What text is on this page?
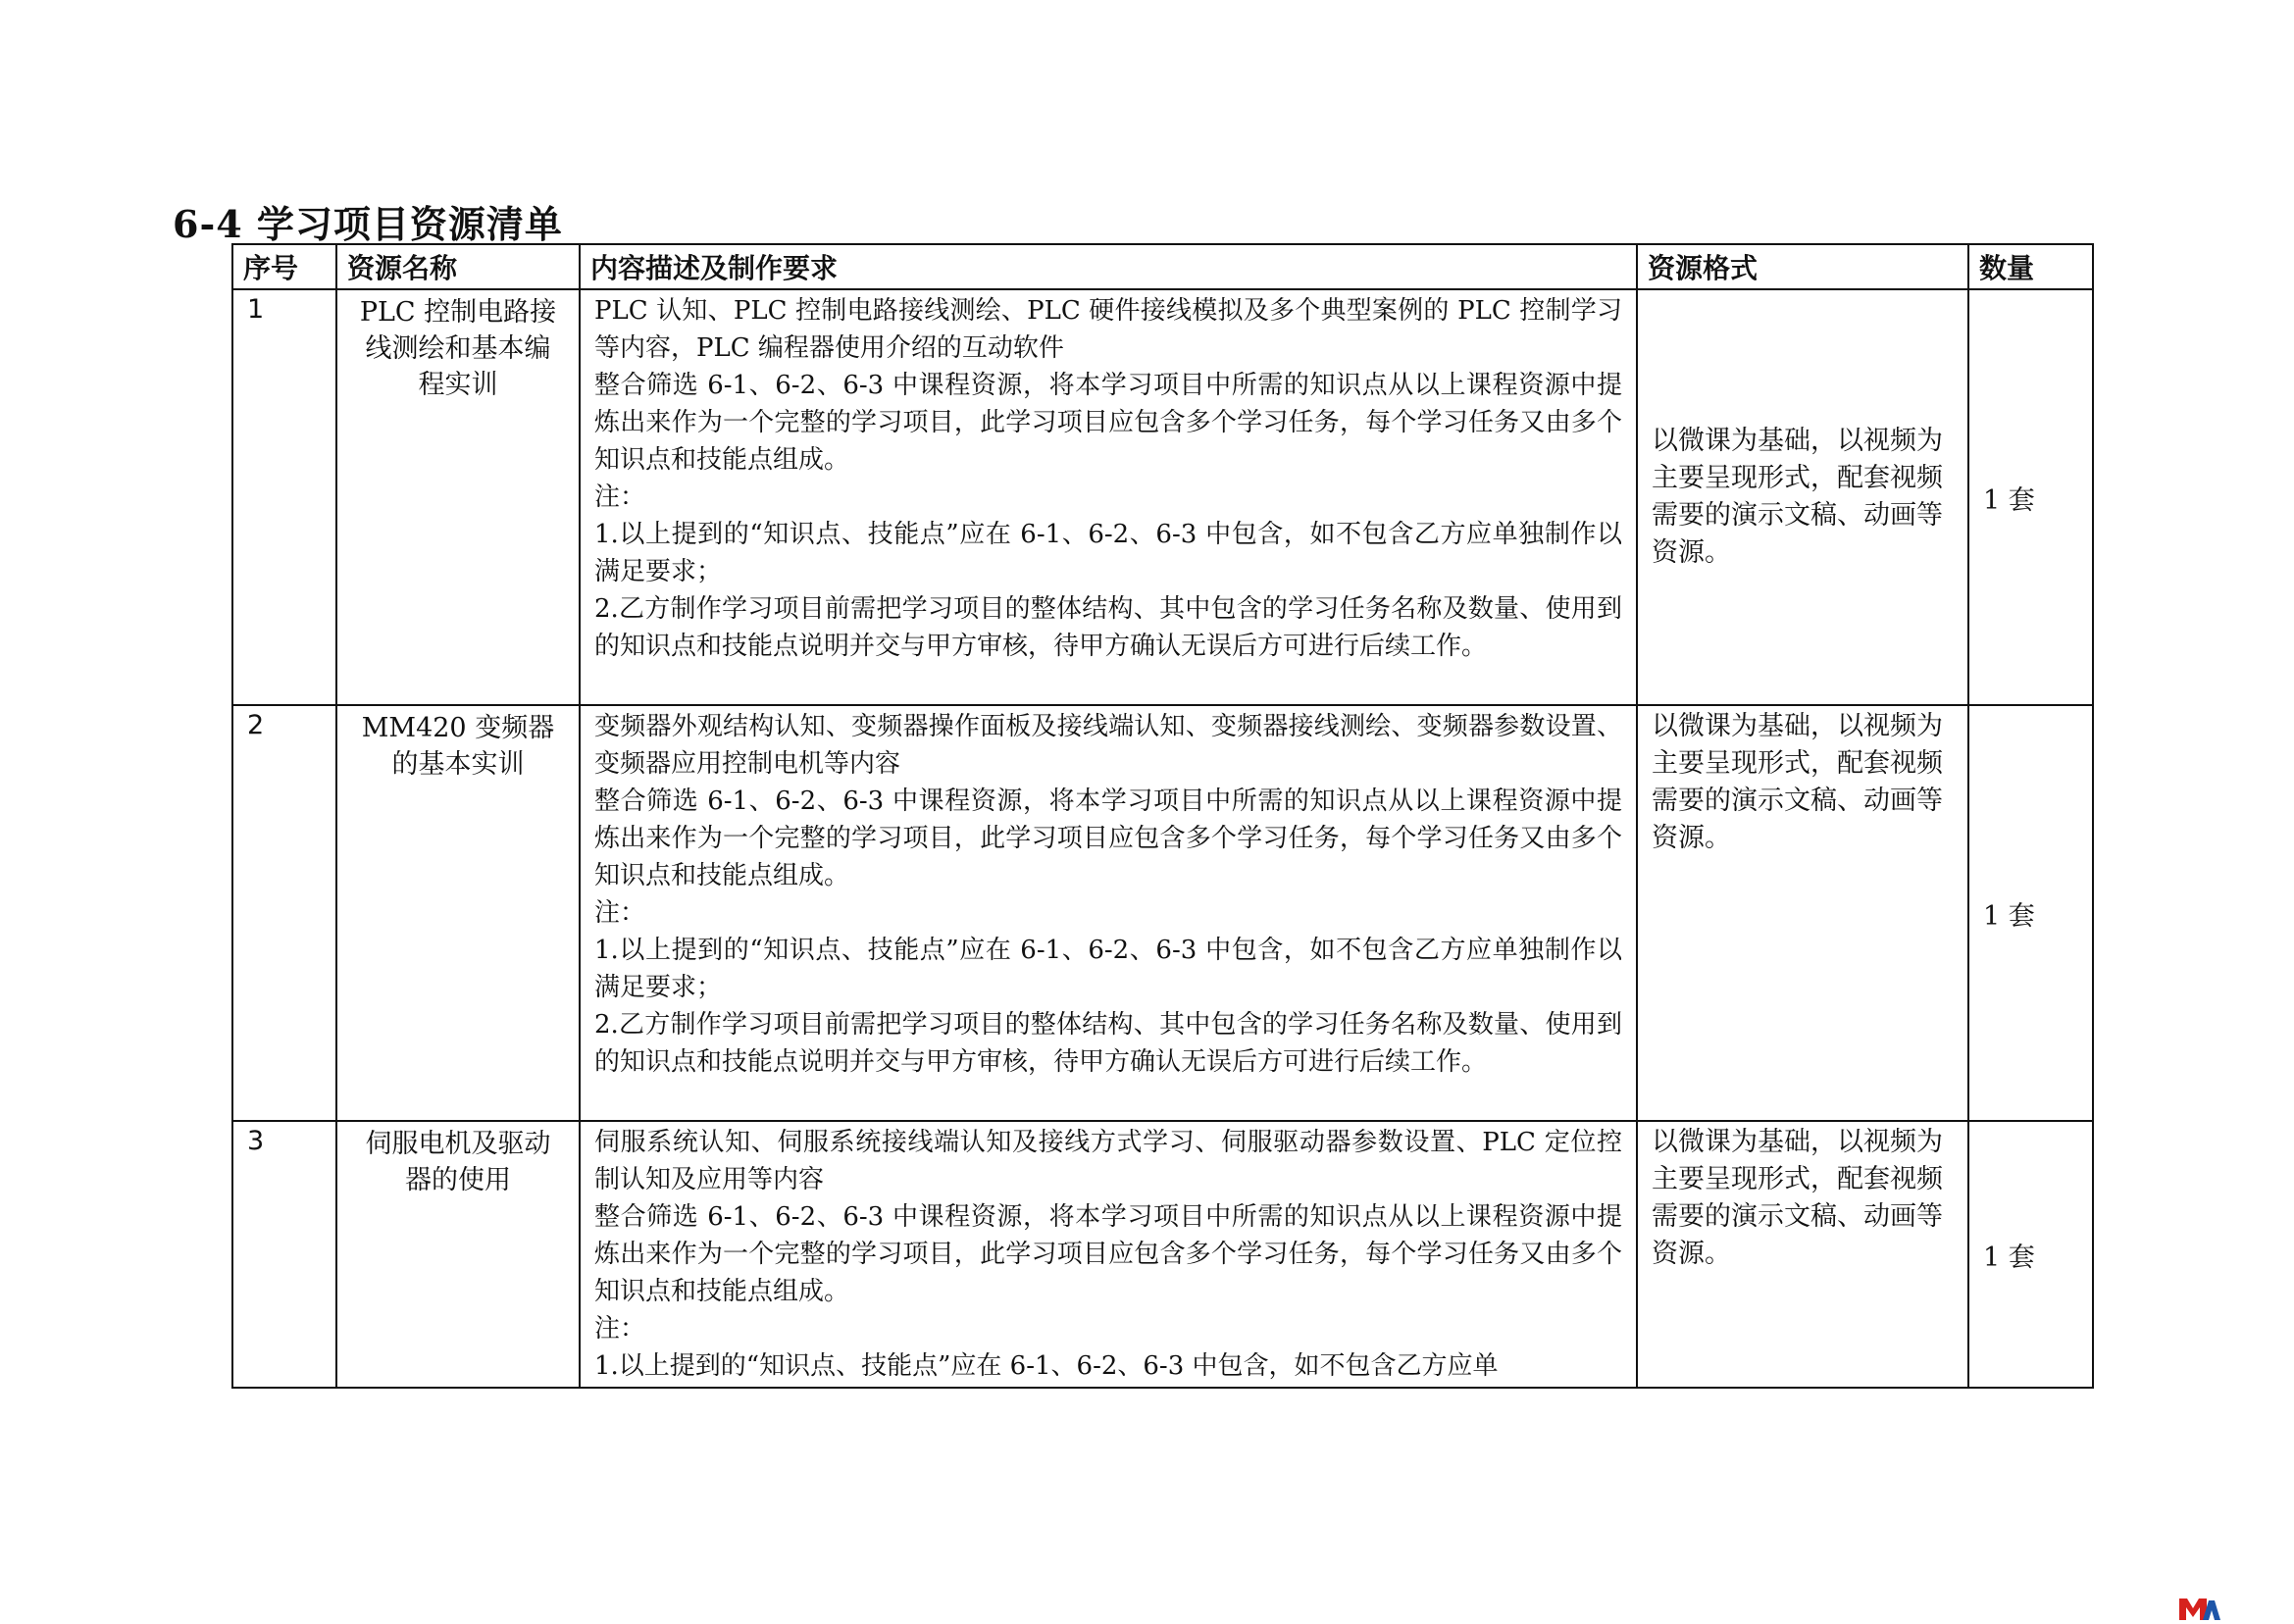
6-4 学习项目资源清单
序号	资源名称	内容描述及制作要求	资源格式	数量
1	PLC 控制电路接线测绘和基本编程实训	PLC 认知、PLC 控制电路接线测绘、PLC 硬件接线模拟及多个典型案例的 PLC 控制学习等内容，PLC 编程器使用介绍的互动软件

整合筛选 6-1、6-2、6-3 中课程资源，将本学习项目中所需的知识点从以上课程资源中提炼出来作为一个完整的学习项目，此学习项目应包含多个学习任务，每个学习任务又由多个知识点和技能点组成。

注：

1.以上提到的“知识点、技能点”应在 6-1、6-2、6-3 中包含，如不包含乙方应单独制作以满足要求；

2.乙方制作学习项目前需把学习项目的整体结构、其中包含的学习任务名称及数量、使用到的知识点和技能点说明并交与甲方审核，待甲方确认无误后方可进行后续工作。	以微课为基础，以视频为主要呈现形式，配套视频需要的演示文稿、动画等资源。	1 套
2	MM420 变频器的基本实训	变频器外观结构认知、变频器操作面板及接线端认知、变频器接线测绘、变频器参数设置、变频器应用控制电机等内容

整合筛选 6-1、6-2、6-3 中课程资源，将本学习项目中所需的知识点从以上课程资源中提炼出来作为一个完整的学习项目，此学习项目应包含多个学习任务，每个学习任务又由多个知识点和技能点组成。

注：

1.以上提到的“知识点、技能点”应在 6-1、6-2、6-3 中包含，如不包含乙方应单独制作以满足要求；

2.乙方制作学习项目前需把学习项目的整体结构、其中包含的学习任务名称及数量、使用到的知识点和技能点说明并交与甲方审核，待甲方确认无误后方可进行后续工作。	以微课为基础，以视频为主要呈现形式，配套视频需要的演示文稿、动画等资源。	1 套
3	伺服电机及驱动器的使用	伺服系统认知、伺服系统接线端认知及接线方式学习、伺服驱动器参数设置、PLC 定位控制认知及应用等内容

整合筛选 6-1、6-2、6-3 中课程资源，将本学习项目中所需的知识点从以上课程资源中提炼出来作为一个完整的学习项目，此学习项目应包含多个学习任务，每个学习任务又由多个知识点和技能点组成。

注：

1.以上提到的“知识点、技能点”应在 6-1、6-2、6-3 中包含，如不包含乙方应单	以微课为基础，以视频为主要呈现形式，配套视频需要的演示文稿、动画等资源。	1 套
